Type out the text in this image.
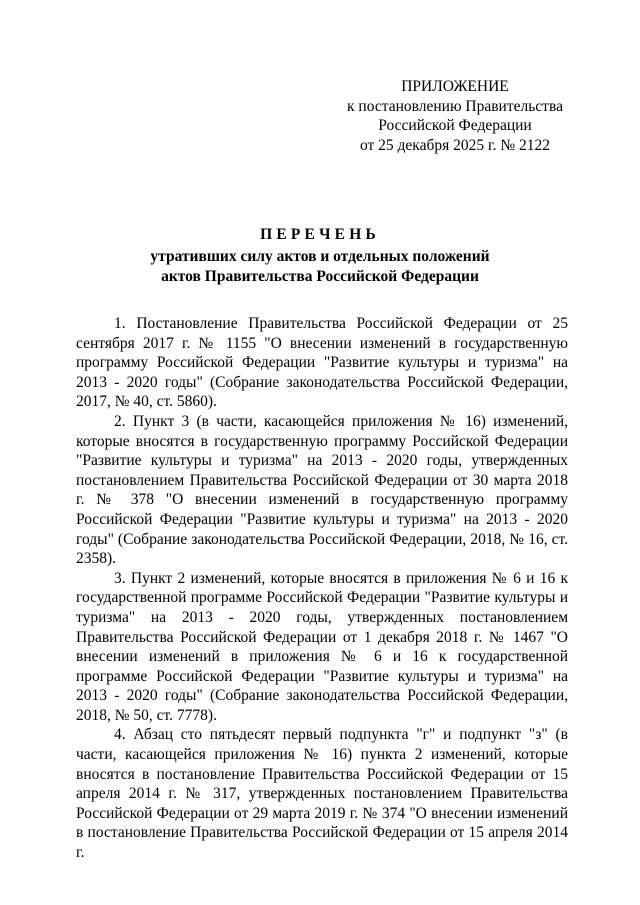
ПРИЛОЖЕНИЕ
к постановлению Правительства
Российской Федерации
от 25 декабря 2025 г. № 2122
ПЕРЕЧЕНЬ
утративших силу актов и отдельных положений
актов Правительства Российской Федерации

1. Постановление Правительства Российской Федерации от 25 сентября 2017 г. № 1155 "О внесении изменений в государственную программу Российской Федерации "Развитие культуры и туризма" на 2013 - 2020 годы" (Собрание законодательства Российской Федерации, 2017, № 40, ст. 5860).

2. Пункт 3 (в части, касающейся приложения № 16) изменений, которые вносятся в государственную программу Российской Федерации "Развитие культуры и туризма" на 2013 - 2020 годы, утвержденных постановлением Правительства Российской Федерации от 30 марта 2018 г. № 378 "О внесении изменений в государственную программу Российской Федерации "Развитие культуры и туризма" на 2013 - 2020 годы" (Собрание законодательства Российской Федерации, 2018, № 16, ст. 2358).

3. Пункт 2 изменений, которые вносятся в приложения № 6 и 16 к государственной программе Российской Федерации "Развитие культуры и туризма" на 2013 - 2020 годы, утвержденных постановлением Правительства Российской Федерации от 1 декабря 2018 г. № 1467 "О внесении изменений в приложения № 6 и 16 к государственной программе Российской Федерации "Развитие культуры и туризма" на 2013 - 2020 годы" (Собрание законодательства Российской Федерации, 2018, № 50, ст. 7778).

4. Абзац сто пятьдесят первый подпункта "г" и подпункт "з" (в части, касающейся приложения № 16) пункта 2 изменений, которые вносятся в постановление Правительства Российской Федерации от 15 апреля 2014 г. № 317, утвержденных постановлением Правительства Российской Федерации от 29 марта 2019 г. № 374 "О внесении изменений в постановление Правительства Российской Федерации от 15 апреля 2014 г.
